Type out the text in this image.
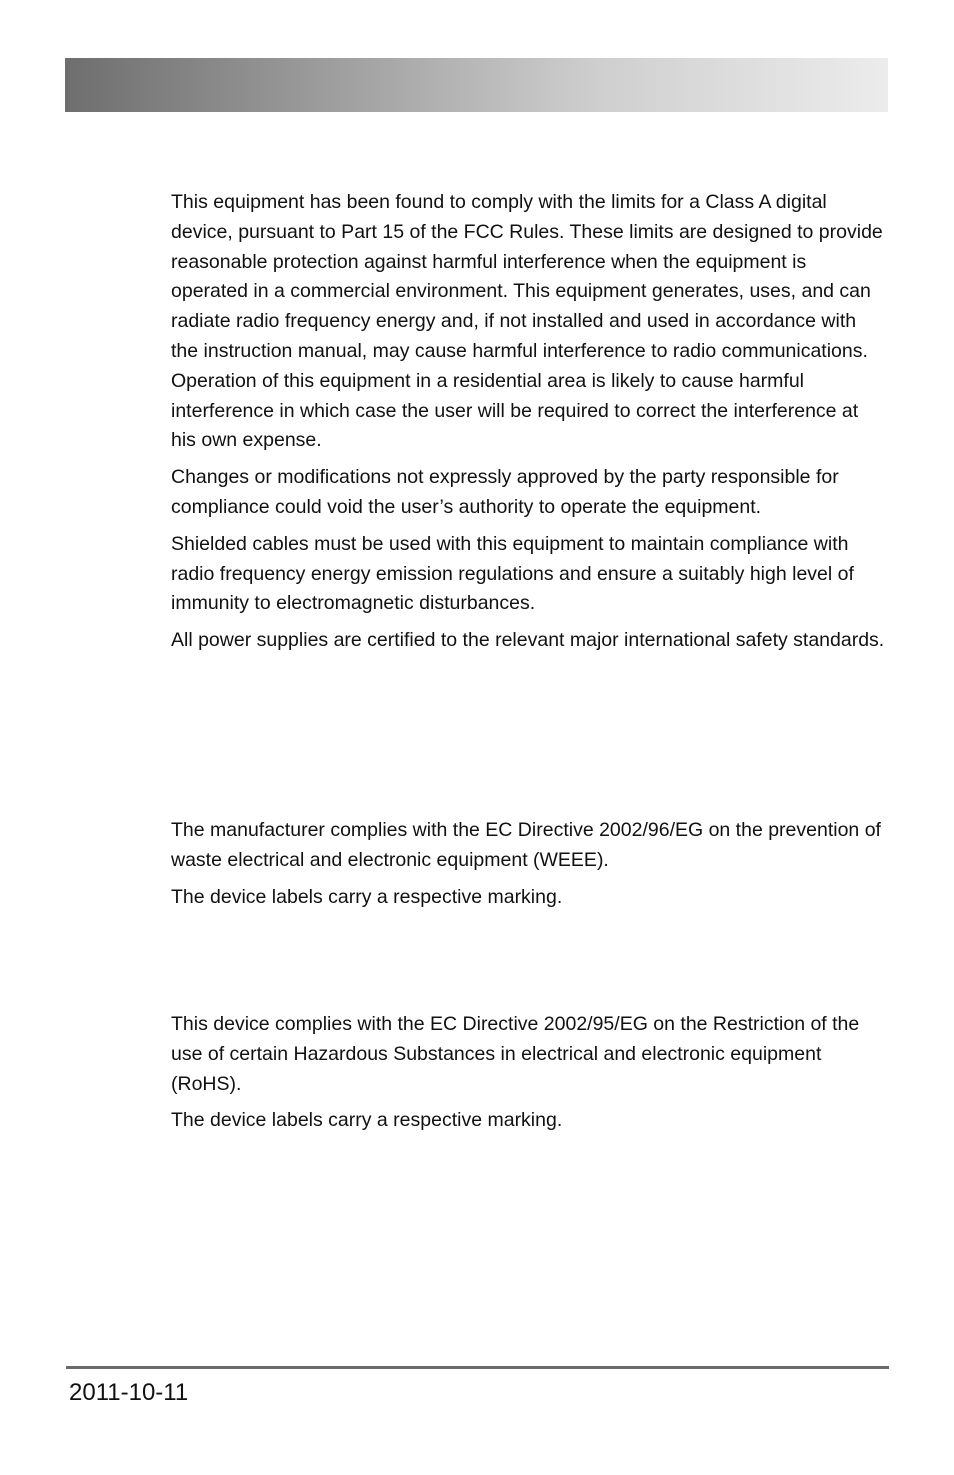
This equipment has been found to comply with the limits for a Class A digital device, pursuant to Part 15 of the FCC Rules. These limits are designed to provide reasonable protection against harmful interference when the equipment is operated in a commercial environment. This equipment generates, uses, and can radiate radio frequency energy and, if not installed and used in accordance with the instruction manual, may cause harmful interference to radio communications. Operation of this equipment in a residential area is likely to cause harmful interference in which case the user will be required to correct the interference at his own expense.

Changes or modifications not expressly approved by the party responsible for compliance could void the user’s authority to operate the equipment.

Shielded cables must be used with this equipment to maintain compliance with radio frequency energy emission regulations and ensure a suitably high level of immunity to electromagnetic disturbances.

All power supplies are certified to the relevant major international safety standards.

The manufacturer complies with the EC Directive 2002/96/EG on the prevention of waste electrical and electronic equipment (WEEE).

The device labels carry a respective marking.

This device complies with the EC Directive 2002/95/EG on the Restriction of the use of certain Hazardous Substances in electrical and electronic equipment (RoHS).

The device labels carry a respective marking.

2011-10-11
